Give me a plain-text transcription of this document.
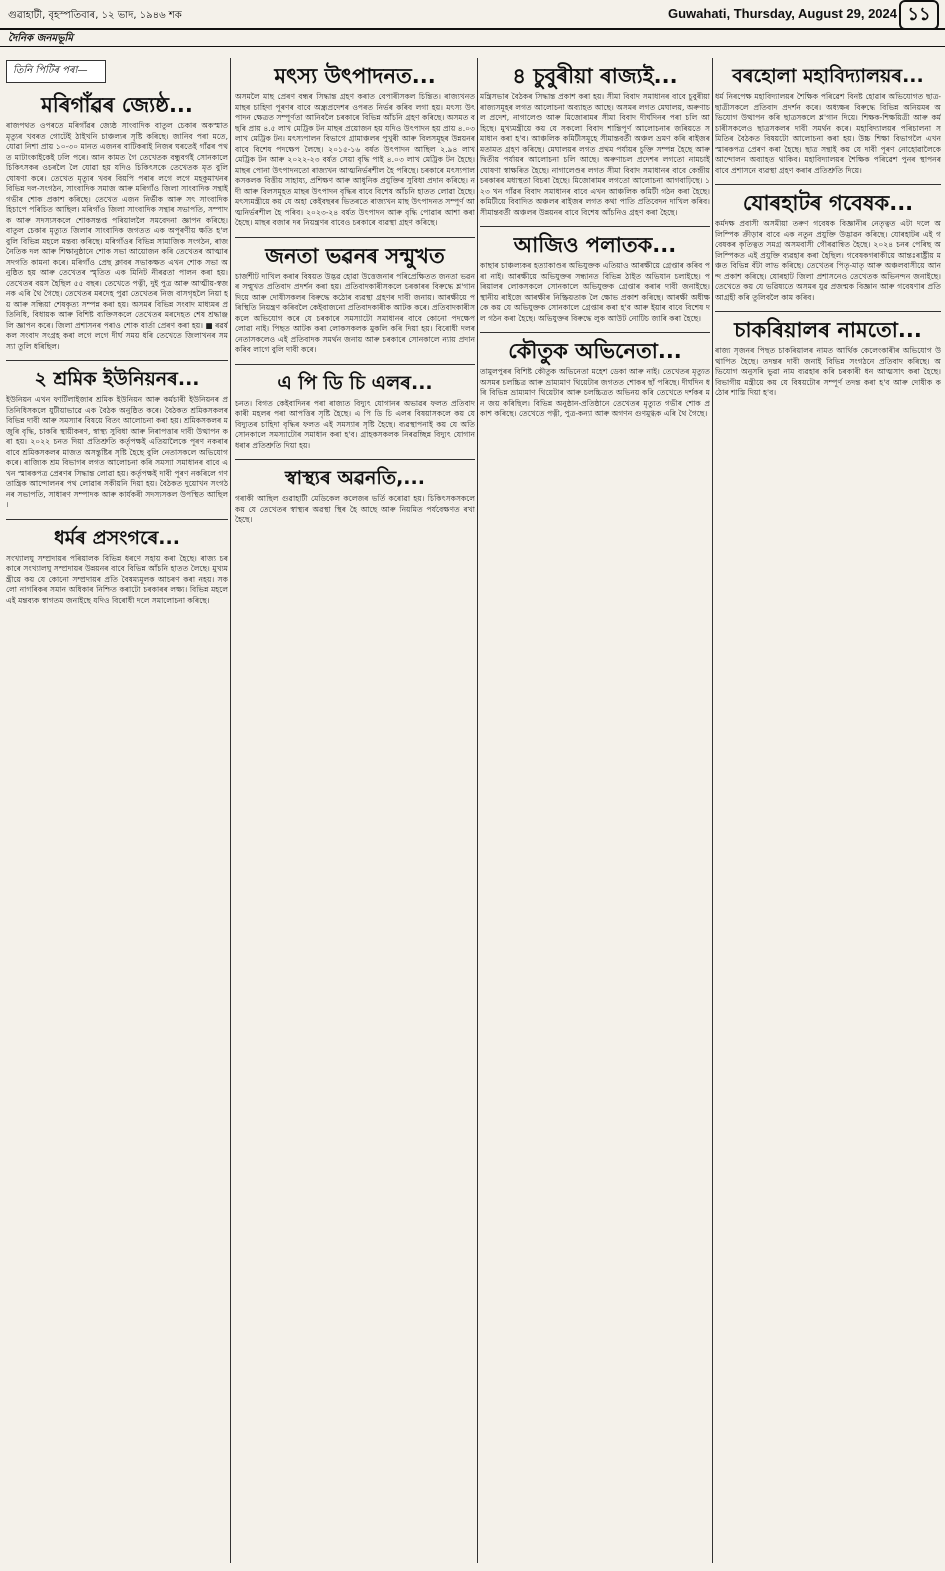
গুৱাহাটী, বৃহস্পতিবাৰ, ১২ ভাদ, ১৯৪৬ শক	Guwahati, Thursday, August 29, 2024 ১১
দৈনিক জনমভূমি
তিনি পিটিৰ পৰা—
মৰিগাঁৱৰ জ্যেষ্ঠ...

ৰাজপথত ওপৰতে মৰিগাঁৱৰ জ্যেষ্ঠ সাংবাদিক বাতুল চেকাৰ অকস্মাত মৃত্যুৰ খবৰত গোটেই ঠাইখনি চাঞ্চল্যৰ সৃষ্টি কৰিছে। জানিব পৰা মতে, যোৱা নিশা প্ৰায় ১০-৩০ মানত এজনৰ বাটিকৰাই নিজৰ ঘৰতেই গাঁৱৰ পথত মাটাংকাইকেই ঢলি পৰে। আন কামত গৈ তেখেতক বন্ধুবৰ্গই সোনকালে চিকিৎসকৰ ওচৰলৈ লৈ যোৱা হয় যদিও চিকিৎসকে তেখেতক মৃত বুলি ঘোষণা কৰে। তেখেত মৃত্যুৰ খবৰ বিয়পি পৰাৰ লগে লগে মহকুমাখনৰ বিভিন্ন দল-সংগঠন, সাংবাদিক সমাজ আৰু মৰিগাঁও জিলা সাংবাদিক সন্থাই গভীৰ শোক প্ৰকাশ কৰিছে। তেখেত এজন নিৰ্ভীক আৰু সৎ সাংবাদিক হিচাপে পৰিচিত আছিল। মৰিগাঁও জিলা সাংবাদিক সন্থাৰ সভাপতি, সম্পাদক আৰু সদস্যসকলে শোকসন্তপ্ত পৰিয়াললৈ সমবেদনা জ্ঞাপন কৰিছে। বাতুল চেকাৰ মৃত্যুত জিলাৰ সাংবাদিক জগতত এক অপূৰণীয় ক্ষতি হ'ল বুলি বিভিন্ন মহলে মন্তব্য কৰিছে। মৰিগাঁওৰ বিভিন্ন সামাজিক সংগঠন, ৰাজনৈতিক দল আৰু শিক্ষানুষ্ঠানে শোক সভা আয়োজন কৰি তেখেতৰ আত্মাৰ সদগতি কামনা কৰে। মৰিগাঁও প্ৰেছ ক্লাবৰ সভাকক্ষত এখন শোক সভা অনুষ্ঠিত হয় আৰু তেখেতৰ স্মৃতিত এক মিনিট নীৰৱতা পালন কৰা হয়। তেখেতৰ বয়স হৈছিল ৫৫ বছৰ। তেখেতে পত্নী, দুই পুত্ৰ আৰু আত্মীয়-স্বজনক এৰি থৈ গৈছে। তেখেতৰ মৰদেহ পুৱা তেখেতৰ নিজ বাসগৃহলৈ নিয়া হয় আৰু সন্ধিয়া শেষকৃত্য সম্পন্ন কৰা হয়। অসমৰ বিভিন্ন সংবাদ মাধ্যমৰ প্ৰতিনিধি, বিধায়ক আৰু বিশিষ্ট ব্যক্তিসকলে তেখেতৰ মৰদেহত শেষ শ্ৰদ্ধাঞ্জলি জ্ঞাপন কৰে। জিলা প্ৰশাসনৰ পৰাও শোক বাৰ্তা প্ৰেৰণ কৰা হয়। ■ ৰৱৰ্ষকল সংবাদ সংগ্ৰহ কৰা লগে লগে দীৰ্ঘ সময় ধৰি তেখেতে জিলাখনৰ সমস্যা তুলি ধৰিছিল।

২ শ্ৰমিক ইউনিয়নৰ...

ইউনিয়ন এখন ফাৰ্টিলাইজাৰ শ্ৰমিক ইউনিয়ন আৰু কৰ্মচাৰী ইউনিয়নৰ প্ৰতিনিধিসকলে যুটীয়াভাৱে এক বৈঠক অনুষ্ঠিত কৰে। বৈঠকত শ্ৰমিকসকলৰ বিভিন্ন দাবী আৰু সমস্যাৰ বিষয়ে বিতং আলোচনা কৰা হয়। শ্ৰমিকসকলৰ মজুৰি বৃদ্ধি, চাকৰি স্থায়ীকৰণ, স্বাস্থ্য সুবিধা আৰু নিৰাপত্তাৰ দাবী উত্থাপন কৰা হয়। ২০২২ চনত দিয়া প্ৰতিশ্ৰুতি কৰ্তৃপক্ষই এতিয়ালৈকে পূৰণ নকৰাৰ বাবে শ্ৰমিকসকলৰ মাজত অসন্তুষ্টিৰ সৃষ্টি হৈছে বুলি নেতাসকলে অভিযোগ কৰে। ৰাজ্যিক শ্ৰম বিভাগৰ লগত আলোচনা কৰি সমস্যা সমাধানৰ বাবে এখন স্মাৰকপত্ৰ প্ৰেৰণৰ সিদ্ধান্ত লোৱা হয়। কৰ্তৃপক্ষই দাবী পূৰণ নকৰিলে গণতান্ত্ৰিক আন্দোলনৰ পথ লোৱাৰ সকীয়নি দিয়া হয়। বৈঠকত দুয়োখন সংগঠনৰ সভাপতি, সাধাৰণ সম্পাদক আৰু কাৰ্যকৰী সদস্যসকল উপস্থিত আছিল।

ধৰ্মৰ প্ৰসংগৰে...

সংখ্যালঘু সম্প্ৰদায়ৰ পৰিয়ালক বিভিন্ন ধৰণে সহায় কৰা হৈছে। ৰাজ্য চৰকাৰে সংখ্যালঘু সম্প্ৰদায়ৰ উন্নয়নৰ বাবে বিভিন্ন আঁচনি হাতত লৈছে। মুখ্যমন্ত্ৰীয়ে কয় যে কোনো সম্প্ৰদায়ৰ প্ৰতি বৈষম্যমূলক আচৰণ কৰা নহয়। সকলো নাগৰিকৰ সমান অধিকাৰ নিশ্চিত কৰাটো চৰকাৰৰ লক্ষ্য। বিভিন্ন মহলে এই মন্তব্যক স্বাগতম জনাইছে যদিও বিৰোধী দলে সমালোচনা কৰিছে।

মৎস্য উৎপাদনত...

অসমলৈ মাছ প্ৰেৰণ বন্ধৰ সিদ্ধান্ত গ্ৰহণ কৰাত বেপাৰীসকল চিন্তিত। ৰাজ্যখনত মাছৰ চাহিদা পূৰণৰ বাবে অন্ধ্ৰপ্ৰদেশৰ ওপৰত নিৰ্ভৰ কৰিব লগা হয়। মৎস্য উৎপাদন ক্ষেত্ৰত সম্পূৰ্ণতা আনিবলৈ চৰকাৰে বিভিন্ন আঁচনি গ্ৰহণ কৰিছে। অসমত বছৰি প্ৰায় ৪.৫ লাখ মেট্ৰিক টন মাছৰ প্ৰয়োজন হয় যদিও উৎপাদন হয় প্ৰায় ৪.০৩ লাখ মেট্ৰিক টন। মৎস্যপালন বিভাগে গ্ৰামাঞ্চলৰ পুখুৰী আৰু বিলসমূহৰ উন্নয়নৰ বাবে বিশেষ পদক্ষেপ লৈছে। ২০১৫-১৬ বৰ্ষত উৎপাদন আছিল ২.৯৪ লাখ মেট্ৰিক টন আৰু ২০২২-২৩ বৰ্ষত সেয়া বৃদ্ধি পাই ৪.০৩ লাখ মেট্ৰিক টন হৈছে। মাছৰ পোনা উৎপাদনতো ৰাজ্যখন আত্মনিৰ্ভৰশীল হৈ পৰিছে। চৰকাৰে মৎস্যপালকসকলক বিত্তীয় সাহায্য, প্ৰশিক্ষণ আৰু আধুনিক প্ৰযুক্তিৰ সুবিধা প্ৰদান কৰিছে। নদী আৰু বিলসমূহত মাছৰ উৎপাদন বৃদ্ধিৰ বাবে বিশেষ আঁচনি হাতত লোৱা হৈছে। মৎস্যমন্ত্ৰীয়ে কয় যে অহা কেইবছৰৰ ভিতৰতে ৰাজ্যখন মাছ উৎপাদনত সম্পূৰ্ণ আত্মনিৰ্ভৰশীল হৈ পৰিব। ২০২৩-২৪ বৰ্ষত উৎপাদন আৰু বৃদ্ধি পোৱাৰ আশা কৰা হৈছে। মাছৰ বজাৰ দৰ নিয়ন্ত্ৰণৰ বাবেও চৰকাৰে ব্যৱস্থা গ্ৰহণ কৰিছে।

জনতা ভৱনৰ সন্মুখত

চাৰ্জশীট দাখিল কৰাৰ বিষয়ত উদ্ভৱ হোৱা উত্তেজনাৰ পৰিপ্ৰেক্ষিতত জনতা ভৱনৰ সন্মুখত প্ৰতিবাদ প্ৰদৰ্শন কৰা হয়। প্ৰতিবাদকাৰীসকলে চৰকাৰৰ বিৰুদ্ধে শ্ল'গান দিয়ে আৰু দোষীসকলৰ বিৰুদ্ধে কঠোৰ ব্যৱস্থা গ্ৰহণৰ দাবী জনায়। আৰক্ষীয়ে পৰিস্থিতি নিয়ন্ত্ৰণ কৰিবলৈ কেইবাজনো প্ৰতিবাদকাৰীক আটক কৰে। প্ৰতিবাদকাৰীসকলে অভিযোগ কৰে যে চৰকাৰে সমস্যাটো সমাধানৰ বাবে কোনো পদক্ষেপ লোৱা নাই। পিছত আটক কৰা লোকসকলক মুকলি কৰি দিয়া হয়। বিৰোধী দলৰ নেতাসকলেও এই প্ৰতিবাদক সমৰ্থন জনায় আৰু চৰকাৰে সোনকালে ন্যায় প্ৰদান কৰিব লাগে বুলি দাবী কৰে।

এ পি ডি চি এলৰ...

চনত। বিগত কেইবাদিনৰ পৰা ৰাজ্যত বিদ্যুৎ যোগানৰ অভাৱৰ ফলত প্ৰতিবাদকাৰী মহলৰ পৰা আপত্তিৰ সৃষ্টি হৈছে। এ পি ডি চি এলৰ বিষয়াসকলে কয় যে বিদ্যুতৰ চাহিদা বৃদ্ধিৰ ফলত এই সমস্যাৰ সৃষ্টি হৈছে। ব্যৱস্থাপনাই কয় যে অতি সোনকালে সমস্যাটোৰ সমাধান কৰা হ'ব। গ্ৰাহকসকলক নিৰৱচ্ছিন্ন বিদ্যুৎ যোগান ধৰাৰ প্ৰতিশ্ৰুতি দিয়া হয়।

স্বাস্থ্যৰ অৱনতি,...

গৰাকী আছিল গুৱাহাটী মেডিকেল কলেজৰ ভৰ্তি কৰোৱা হয়। চিকিৎসকসকলে কয় যে তেখেতৰ স্বাস্থ্যৰ অৱস্থা স্থিৰ হৈ আছে আৰু নিয়মিত পৰ্যবেক্ষণত ৰখা হৈছে।

৪ চুবুৰীয়া ৰাজ্যই...

মন্ত্ৰিসভাৰ বৈঠকৰ সিদ্ধান্ত প্ৰকাশ কৰা হয়। সীমা বিবাদ সমাধানৰ বাবে চুবুৰীয়া ৰাজ্যসমূহৰ লগত আলোচনা অব্যাহত আছে। অসমৰ লগত মেঘালয়, অৰুণাচল প্ৰদেশ, নাগালেণ্ড আৰু মিজোৰামৰ সীমা বিবাদ দীৰ্ঘদিনৰ পৰা চলি আহিছে। মুখ্যমন্ত্ৰীয়ে কয় যে সকলো বিবাদ শান্তিপূৰ্ণ আলোচনাৰ জৰিয়তে সমাধান কৰা হ'ব। আঞ্চলিক কমিটীসমূহে সীমান্তবৰ্তী অঞ্চল ভ্ৰমণ কৰি ৰাইজৰ মতামত গ্ৰহণ কৰিছে। মেঘালয়ৰ লগত প্ৰথম পৰ্যায়ৰ চুক্তি সম্পন্ন হৈছে আৰু দ্বিতীয় পৰ্যায়ৰ আলোচনা চলি আছে। অৰুণাচল প্ৰদেশৰ লগতো নামচাই ঘোষণা স্বাক্ষৰিত হৈছে। নাগালেণ্ডৰ লগত সীমা বিবাদ সমাধানৰ বাবে কেন্দ্ৰীয় চৰকাৰৰ মধ্যস্থতা বিচৰা হৈছে। মিজোৰামৰ লগতো আলোচনা আগবাঢ়িছে। ১২৩ খন গাঁৱৰ বিবাদ সমাধানৰ বাবে এখন আঞ্চলিক কমিটী গঠন কৰা হৈছে। কমিটীয়ে বিবাদিত অঞ্চলৰ ৰাইজৰ লগত কথা পাতি প্ৰতিবেদন দাখিল কৰিব। সীমান্তবৰ্তী অঞ্চলৰ উন্নয়নৰ বাবে বিশেষ আঁচনিও গ্ৰহণ কৰা হৈছে।

আজিও পলাতক...

কাছাৰ চাঞ্চল্যকৰ হত্যাকাণ্ডৰ অভিযুক্তক এতিয়াও আৰক্ষীয়ে গ্ৰেপ্তাৰ কৰিব পৰা নাই। আৰক্ষীয়ে অভিযুক্তৰ সন্ধানত বিভিন্ন ঠাইত অভিযান চলাইছে। পৰিয়ালৰ লোকসকলে সোনকালে অভিযুক্তক গ্ৰেপ্তাৰ কৰাৰ দাবী জনাইছে। স্থানীয় ৰাইজে আৰক্ষীৰ নিষ্ক্ৰিয়তাক লৈ ক্ষোভ প্ৰকাশ কৰিছে। আৰক্ষী অধীক্ষকে কয় যে অভিযুক্তক সোনকালে গ্ৰেপ্তাৰ কৰা হ'ব আৰু ইয়াৰ বাবে বিশেষ দল গঠন কৰা হৈছে। অভিযুক্তৰ বিৰুদ্ধে লুক আউট নোটিচ জাৰি কৰা হৈছে।

কৌতুক অভিনেতা...

তামুলপুৰৰ বিশিষ্ট কৌতুক অভিনেতা মহেশ ডেকা আৰু নাই। তেখেতৰ মৃত্যুত অসমৰ চলচ্চিত্ৰ আৰু ভ্ৰাম্যমাণ থিয়েটাৰ জগতত শোকৰ ছাঁ পৰিছে। দীৰ্ঘদিন ধৰি বিভিন্ন ভ্ৰাম্যমাণ থিয়েটাৰ আৰু চলচ্চিত্ৰত অভিনয় কৰি তেখেতে দৰ্শকৰ মন জয় কৰিছিল। বিভিন্ন অনুষ্ঠান-প্ৰতিষ্ঠানে তেখেতৰ মৃত্যুত গভীৰ শোক প্ৰকাশ কৰিছে। তেখেতে পত্নী, পুত্ৰ-কন্যা আৰু অগণন গুণমুগ্ধক এৰি থৈ গৈছে।

বৰহোলা মহাবিদ্যালয়ৰ...

ধৰ্ম নিৰপেক্ষ মহাবিদ্যালয়ৰ শৈক্ষিক পৰিৱেশ বিনষ্ট হোৱাৰ অভিযোগত ছাত্ৰ-ছাত্ৰীসকলে প্ৰতিবাদ প্ৰদৰ্শন কৰে। অধ্যক্ষৰ বিৰুদ্ধে বিভিন্ন অনিয়মৰ অভিযোগ উত্থাপন কৰি ছাত্ৰসকলে শ্ল'গান দিয়ে। শিক্ষক-শিক্ষয়িত্ৰী আৰু কৰ্মচাৰীসকলেও ছাত্ৰসকলৰ দাবী সমৰ্থন কৰে। মহাবিদ্যালয়ৰ পৰিচালনা সমিতিৰ বৈঠকত বিষয়টো আলোচনা কৰা হয়। উচ্চ শিক্ষা বিভাগলৈ এখন স্মাৰকপত্ৰ প্ৰেৰণ কৰা হৈছে। ছাত্ৰ সন্থাই কয় যে দাবী পূৰণ নোহোৱালৈকে আন্দোলন অব্যাহত থাকিব। মহাবিদ্যালয়ৰ শৈক্ষিক পৰিৱেশ পুনৰ স্থাপনৰ বাবে প্ৰশাসনে ব্যৱস্থা গ্ৰহণ কৰাৰ প্ৰতিশ্ৰুতি দিয়ে।

যোৰহাটৰ গবেষক...

কৰ্মদক্ষ প্ৰবাসী অসমীয়া তৰুণ গবেষক বিজ্ঞানীৰ নেতৃত্বত এটা দলে অলিম্পিক ক্ৰীড়াৰ বাবে এক নতুন প্ৰযুক্তি উদ্ভাৱন কৰিছে। যোৰহাটৰ এই গবেষকৰ কৃতিত্বত সমগ্ৰ অসমবাসী গৌৰৱান্বিত হৈছে। ২০২৪ চনৰ পেৰিছ অলিম্পিকত এই প্ৰযুক্তি ব্যৱহাৰ কৰা হৈছিল। গবেষকগৰাকীয়ে আন্তঃৰাষ্ট্ৰীয় মঞ্চত বিভিন্ন বঁটা লাভ কৰিছে। তেখেতৰ পিতৃ-মাতৃ আৰু অঞ্চলবাসীয়ে আনন্দ প্ৰকাশ কৰিছে। যোৰহাট জিলা প্ৰশাসনেও তেখেতক অভিনন্দন জনাইছে। তেখেতে কয় যে ভৱিষ্যতে অসমৰ যুৱ প্ৰজন্মক বিজ্ঞান আৰু গবেষণাৰ প্ৰতি আগ্ৰহী কৰি তুলিবলৈ কাম কৰিব।

চাকৰিয়ালৰ নামতো...

ৰাজ্য সৃজনৰ পিছত চাকৰিয়ালৰ নামত আৰ্থিক কেলেংকাৰীৰ অভিযোগ উত্থাপিত হৈছে। তদন্তৰ দাবী জনাই বিভিন্ন সংগঠনে প্ৰতিবাদ কৰিছে। অভিযোগ অনুসৰি ভুৱা নাম ব্যৱহাৰ কৰি চৰকাৰী ধন আত্মসাৎ কৰা হৈছে। বিভাগীয় মন্ত্ৰীয়ে কয় যে বিষয়টোৰ সম্পূৰ্ণ তদন্ত কৰা হ'ব আৰু দোষীক কঠোৰ শাস্তি দিয়া হ'ব।
